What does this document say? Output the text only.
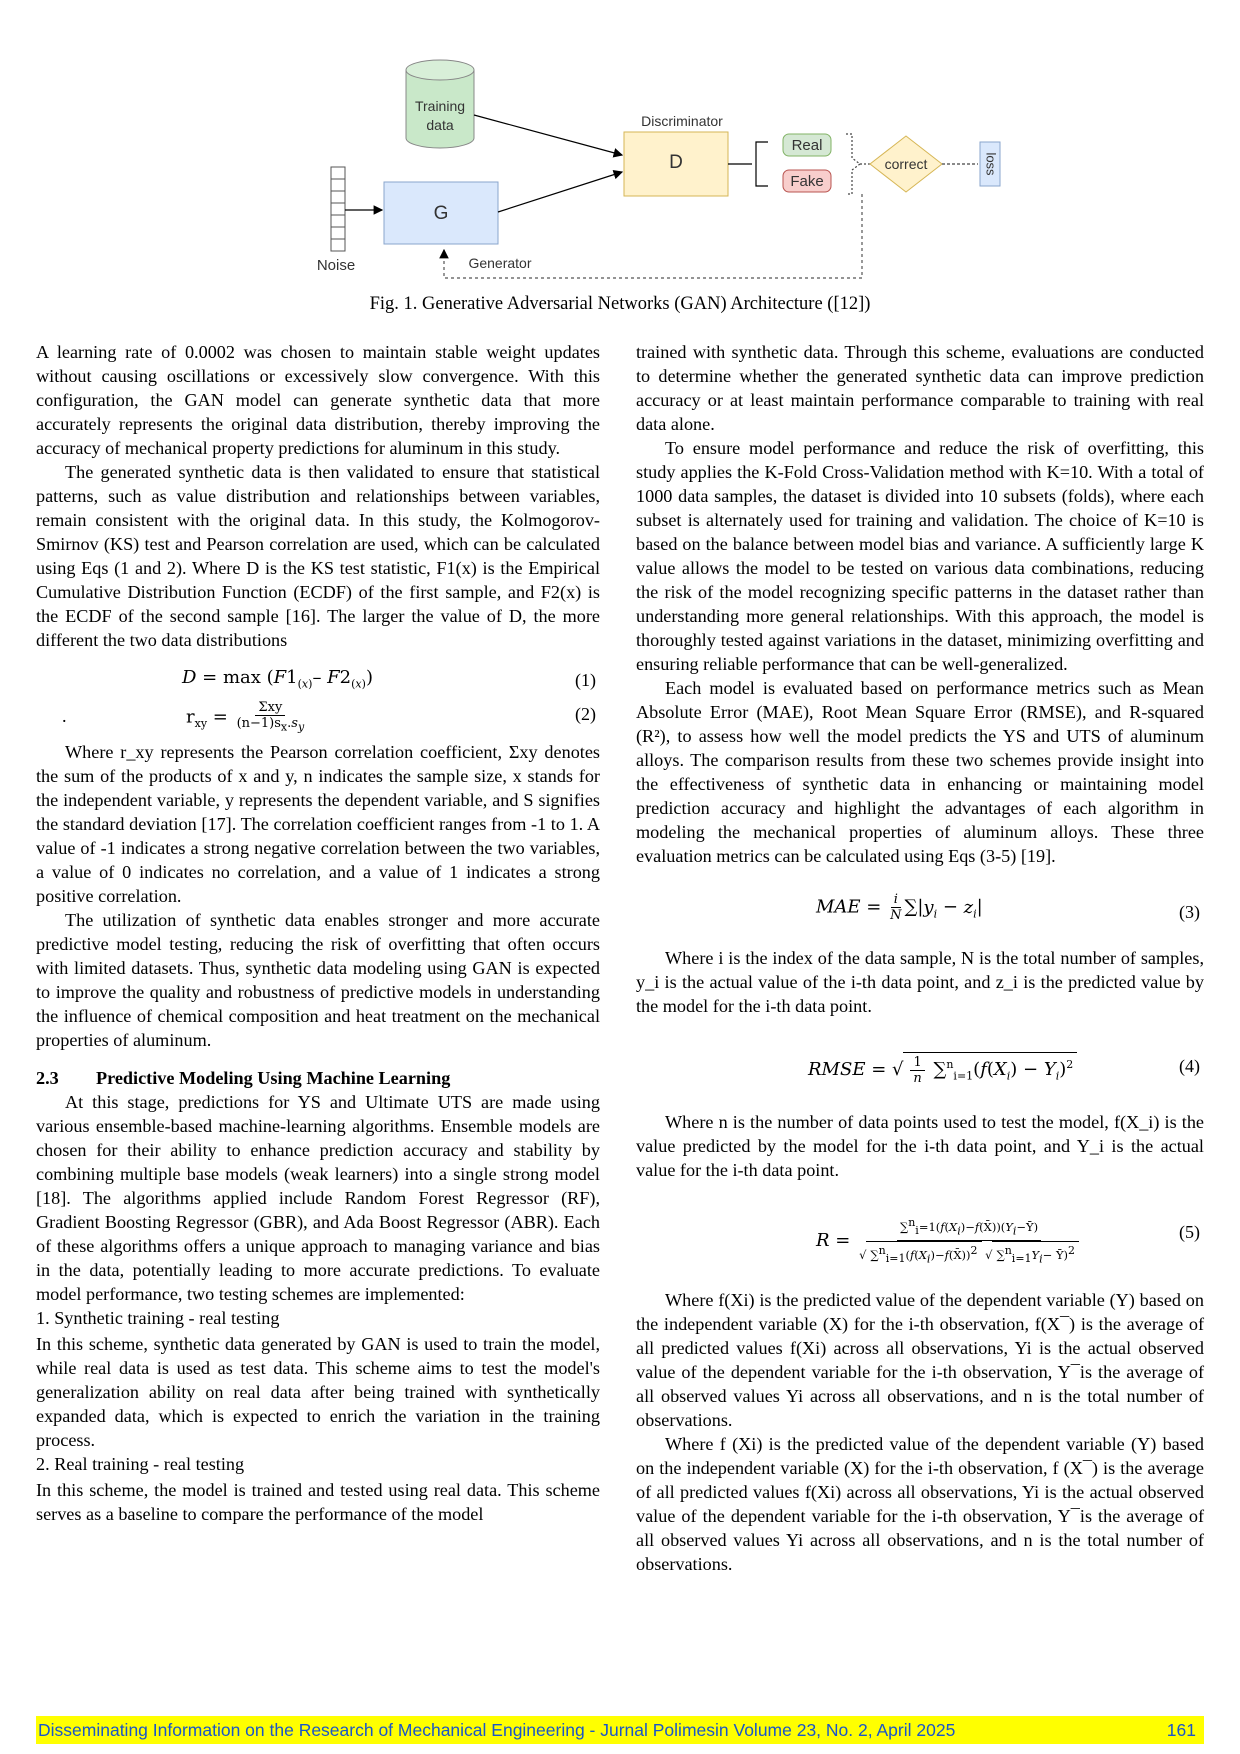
Training
data
Noise
G
Discriminator
D
Real
Fake
correct	loss
Generator
Fig. 1. Generative Adversarial Networks (GAN) Architecture ([12])

A learning rate of 0.0002 was chosen to maintain stable weight updates without causing oscillations or excessively slow convergence. With this configuration, the GAN model can generate synthetic data that more accurately represents the original data distribution, thereby improving the accuracy of mechanical property predictions for aluminum in this study.

The generated synthetic data is then validated to ensure that statistical patterns, such as value distribution and relationships between variables, remain consistent with the original data. In this study, the Kolmogorov-Smirnov (KS) test and Pearson correlation are used, which can be calculated using Eqs (1 and 2). Where D is the KS test statistic, F1(x) is the Empirical Cumulative Distribution Function (ECDF) of the first sample, and F2(x) is the ECDF of the second sample [16]. The larger the value of D, the more different the two data distributions

$D = \max (F1_{(x)}-$ $F2_{(x)}$)	(1)
.	$r_{xy} = \frac{\text{Σxy}}{(n-1)s_x.s_y}$	(2)

Where r_xy represents the Pearson correlation coefficient, Σxy denotes the sum of the products of x and y, n indicates the sample size, x stands for the independent variable, y represents the dependent variable, and S signifies the standard deviation [17]. The correlation coefficient ranges from -1 to 1. A value of -1 indicates a strong negative correlation between the two variables, a value of 0 indicates no correlation, and a value of 1 indicates a strong positive correlation.

The utilization of synthetic data enables stronger and more accurate predictive model testing, reducing the risk of overfitting that often occurs with limited datasets. Thus, synthetic data modeling using GAN is expected to improve the quality and robustness of predictive models in understanding the influence of chemical composition and heat treatment on the mechanical properties of aluminum.

2.3 Predictive Modeling Using Machine Learning

At this stage, predictions for YS and Ultimate UTS are made using various ensemble-based machine-learning algorithms. Ensemble models are chosen for their ability to enhance prediction accuracy and stability by combining multiple base models (weak learners) into a single strong model [18]. The algorithms applied include Random Forest Regressor (RF), Gradient Boosting Regressor (GBR), and Ada Boost Regressor (ABR). Each of these algorithms offers a unique approach to managing variance and bias in the data, potentially leading to more accurate predictions. To evaluate model performance, two testing schemes are implemented:

1. Synthetic training - real testing

In this scheme, synthetic data generated by GAN is used to train the model, while real data is used as test data. This scheme aims to test the model's generalization ability on real data after being trained with synthetically expanded data, which is expected to enrich the variation in the training process.

2. Real training - real testing

In this scheme, the model is trained and tested using real data. This scheme serves as a baseline to compare the performance of the model

trained with synthetic data. Through this scheme, evaluations are conducted to determine whether the generated synthetic data can improve prediction accuracy or at least maintain performance comparable to training with real data alone.

To ensure model performance and reduce the risk of overfitting, this study applies the K-Fold Cross-Validation method with K=10. With a total of 1000 data samples, the dataset is divided into 10 subsets (folds), where each subset is alternately used for training and validation. The choice of K=10 is based on the balance between model bias and variance. A sufficiently large K value allows the model to be tested on various data combinations, reducing the risk of the model recognizing specific patterns in the dataset rather than understanding more general relationships. With this approach, the model is thoroughly tested against variations in the dataset, minimizing overfitting and ensuring reliable performance that can be well-generalized.

Each model is evaluated based on performance metrics such as Mean Absolute Error (MAE), Root Mean Square Error (RMSE), and R-squared (R²), to assess how well the model predicts the YS and UTS of aluminum alloys. The comparison results from these two schemes provide insight into the effectiveness of synthetic data in enhancing or maintaining model prediction accuracy and highlight the advantages of each algorithm in modeling the mechanical properties of aluminum alloys. These three evaluation metrics can be calculated using Eqs (3-5) [19].

MAE = $\frac{i}{N} \sum|y_i - z_i|$	(3)

Where i is the index of the data sample, N is the total number of samples, y_i is the actual value of the i-th data point, and z_i is the predicted value by the model for the i-th data point.

RMSE = √ $\frac{1}{n} \sum^n_{i=1}(f(X_i) - Y_i)^2$	(4)

Where n is the number of data points used to test the model, f(X_i) is the value predicted by the model for the i-th data point, and Y_i is the actual value for the i-th data point.

$R = \frac{\sum^n_i=1(f(X_i)-f(X̄))(Y_i-Ȳ)}{√ \sum^n_{i=1}(f(X_i)-f(X̄))^2 √ \sum^n_{i=1}Y_i- Ȳ)^2}$	(5)

Where f(Xi) is the predicted value of the dependent variable (Y) based on the independent variable (X) for the i-th observation, f(X¯) is the average of all predicted values f(Xi) across all observations, Yi is the actual observed value of the dependent variable for the i-th observation, Y¯is the average of all observed values Yi across all observations, and n is the total number of observations.

Where f (Xi) is the predicted value of the dependent variable (Y) based on the independent variable (X) for the i-th observation, f (X¯) is the average of all predicted values f(Xi) across all observations, Yi is the actual observed value of the dependent variable for the i-th observation, Y¯is the average of all observed values Yi across all observations, and n is the total number of observations.

Disseminating Information on the Research of Mechanical Engineering - Jurnal Polimesin Volume 23, No. 2, April 2025	161
